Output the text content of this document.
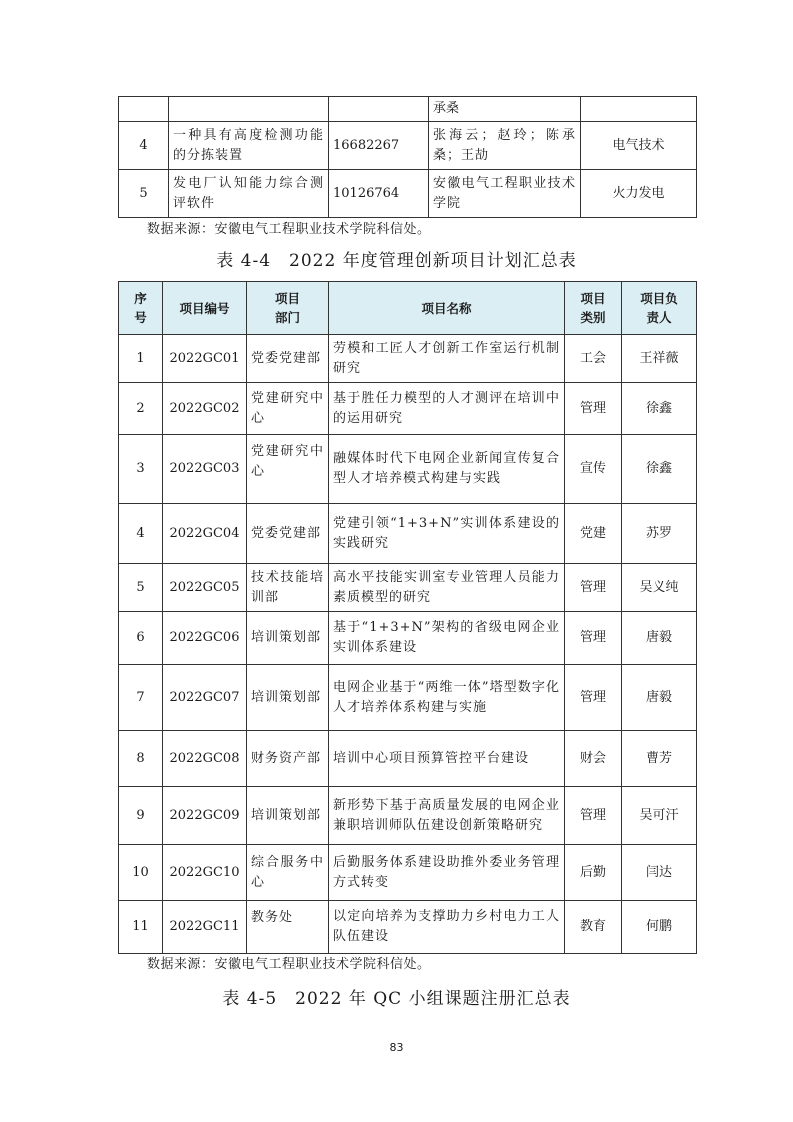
			承桑	
4	一种具有高度检测功能的分拣装置	16682267	张海云；赵玲；陈承桑；王劼	电气技术
5	发电厂认知能力综合测评软件	10126764	安徽电气工程职业技术学院	火力发电
数据来源：安徽电气工程职业技术学院科信处。
表 4-4　2022 年度管理创新项目计划汇总表
序号	项目编号	项目部门	项目名称	项目类别	项目负责人

1	2022GC01	党委党建部	劳模和工匠人才创新工作室运行机制研究	工会	王祥薇
2	2022GC02	党建研究中心	基于胜任力模型的人才测评在培训中的运用研究	管理	徐鑫
3	2022GC03	党建研究中心	融媒体时代下电网企业新闻宣传复合型人才培养模式构建与实践	宣传	徐鑫
4	2022GC04	党委党建部	党建引领“1+3+N”实训体系建设的实践研究	党建	苏罗
5	2022GC05	技术技能培训部	高水平技能实训室专业管理人员能力素质模型的研究	管理	吴义纯
6	2022GC06	培训策划部	基于“1+3+N”架构的省级电网企业实训体系建设	管理	唐毅
7	2022GC07	培训策划部	电网企业基于“两维一体”塔型数字化人才培养体系构建与实施	管理	唐毅
8	2022GC08	财务资产部	培训中心项目预算管控平台建设	财会	曹芳
9	2022GC09	培训策划部	新形势下基于高质量发展的电网企业兼职培训师队伍建设创新策略研究	管理	吴可汗
10	2022GC10	综合服务中心	后勤服务体系建设助推外委业务管理方式转变	后勤	闫达
11	2022GC11	教务处	以定向培养为支撑助力乡村电力工人队伍建设	教育	何鹏
数据来源：安徽电气工程职业技术学院科信处。
表 4-5　2022 年 QC 小组课题注册汇总表
83
